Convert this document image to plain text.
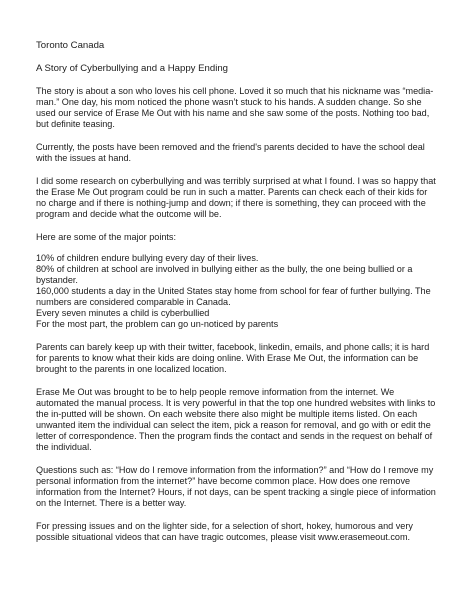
Toronto Canada

A Story of Cyberbullying and a Happy Ending

The story is about a son who loves his cell phone. Loved it so much that his nickname was “media-man.” One day, his mom noticed the phone wasn’t stuck to his hands. A sudden change. So she used our service of Erase Me Out with his name and she saw some of the posts. Nothing too bad, but definite teasing.

Currently, the posts have been removed and the friend's parents decided to have the school deal with the issues at hand.

I did some research on cyberbullying and was terribly surprised at what I found. I was so happy that the Erase Me Out program could be run in such a matter. Parents can check each of their kids for no charge and if there is nothing-jump and down; if there is something, they can proceed with the program and decide what the outcome will be.

Here are some of the major points:

10% of children endure bullying every day of their lives.
80% of children at school are involved in bullying either as the bully, the one being bullied or a bystander.
160,000 students a day in the United States stay home from school for fear of further bullying. The numbers are considered comparable in Canada.
Every seven minutes a child is cyberbullied
For the most part, the problem can go un-noticed by parents

Parents can barely keep up with their twitter, facebook, linkedin, emails, and phone calls; it is hard for parents to know what their kids are doing online. With Erase Me Out, the information can be brought to the parents in one localized location.

Erase Me Out was brought to be to help people remove information from the internet. We automated the manual process. It is very powerful in that the top one hundred websites with links to the in-putted will be shown. On each website there also might be multiple items listed. On each unwanted item the individual can select the item, pick a reason for removal, and go with or edit the letter of correspondence. Then the program finds the contact and sends in the request on behalf of the individual.

Questions such as: “How do I remove information from the information?” and “How do I remove my personal information from the internet?” have become common place. How does one remove information from the Internet? Hours, if not days, can be spent tracking a single piece of information on the Internet. There is a better way.

For pressing issues and on the lighter side, for a selection of short, hokey, humorous and very possible situational videos that can have tragic outcomes, please visit www.erasemeout.com.
